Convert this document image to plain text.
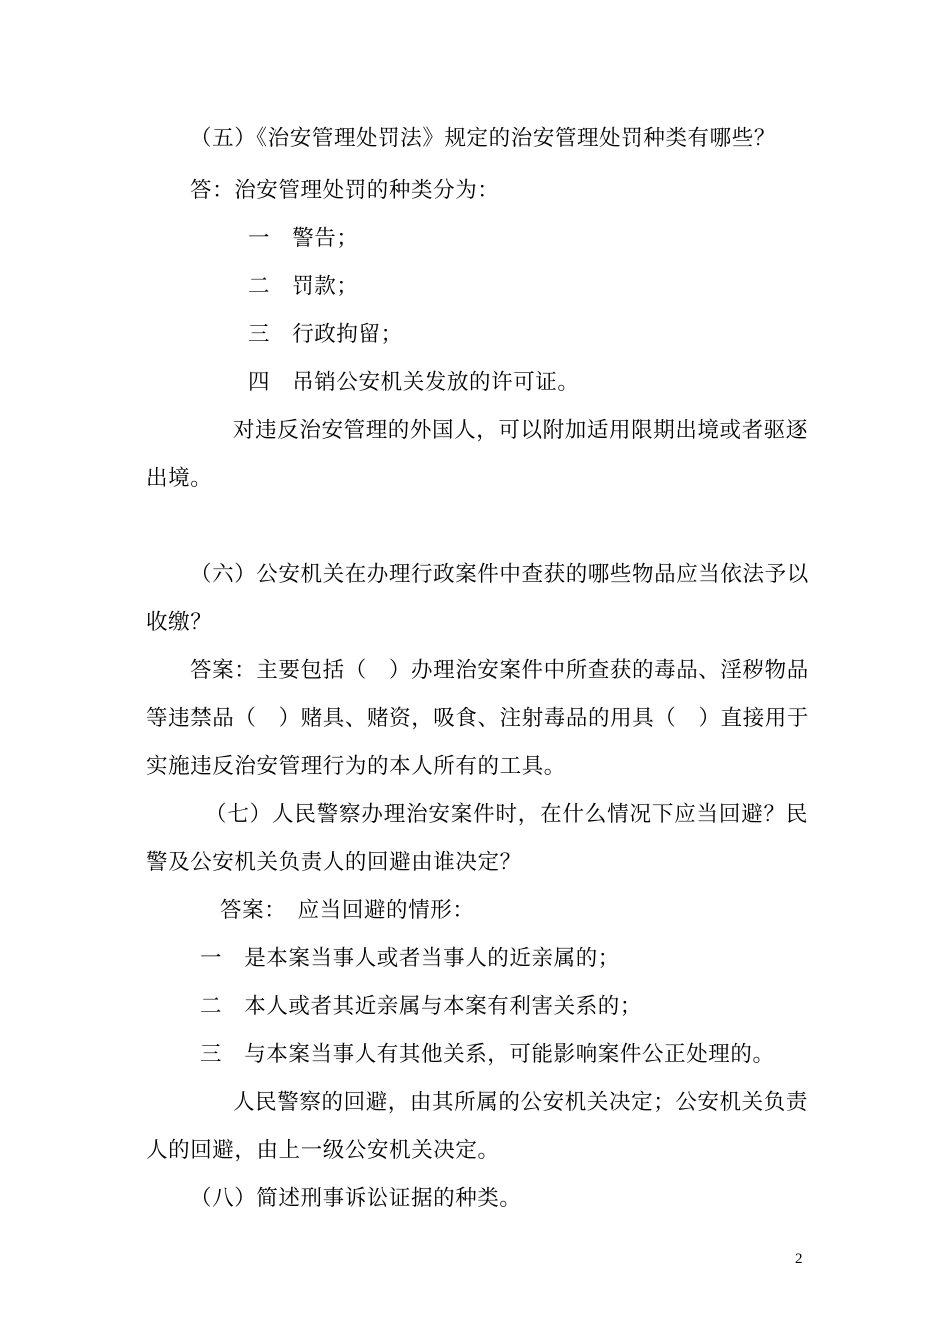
（五）《治安管理处罚法》规定的治安管理处罚种类有哪些？
答：治安管理处罚的种类分为：
一　警告；
二　罚款；
三　行政拘留；
四　吊销公安机关发放的许可证。
对违反治安管理的外国人，可以附加适用限期出境或者驱逐
出境。
（六）公安机关在办理行政案件中查获的哪些物品应当依法予以
收缴？
答案：主要包括（　）办理治安案件中所查获的毒品、淫秽物品
等违禁品（　）赌具、赌资，吸食、注射毒品的用具（　）直接用于
实施违反治安管理行为的本人所有的工具。
（七）人民警察办理治安案件时，在什么情况下应当回避？民
警及公安机关负责人的回避由谁决定？
答案：　应当回避的情形：
一　是本案当事人或者当事人的近亲属的；
二　本人或者其近亲属与本案有利害关系的；
三　与本案当事人有其他关系，可能影响案件公正处理的。
人民警察的回避，由其所属的公安机关决定；公安机关负责
人的回避，由上一级公安机关决定。
（八）简述刑事诉讼证据的种类。
2
